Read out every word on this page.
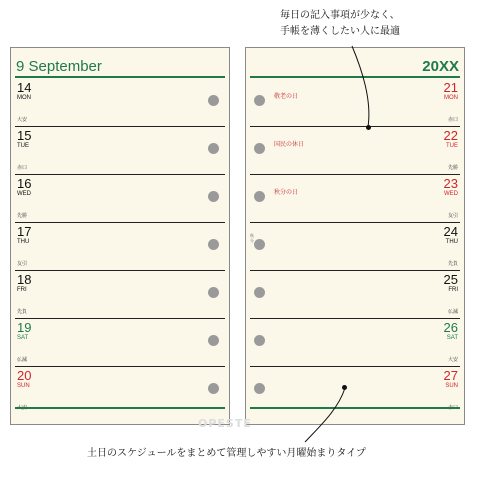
9 September
14
MON
大安
15
TUE
赤口
16
WED
先勝
17
THU
友引
18
FRI
先負
19
SAT
仏滅
20
SUN
20XX
21
MON
赤口
敬老の日
22
TUE
先勝
国民の休日
23
WED
友引
秋分の日
24
THU
先負
25
FRI
仏滅
26
SAT
大安
27
SUN
秋分
毎日の記入事項が少なく、
手帳を薄くしたい人に最適
土日のスケジュールをまとめて管理しやすい月曜始まりタイプ
OPESTE
